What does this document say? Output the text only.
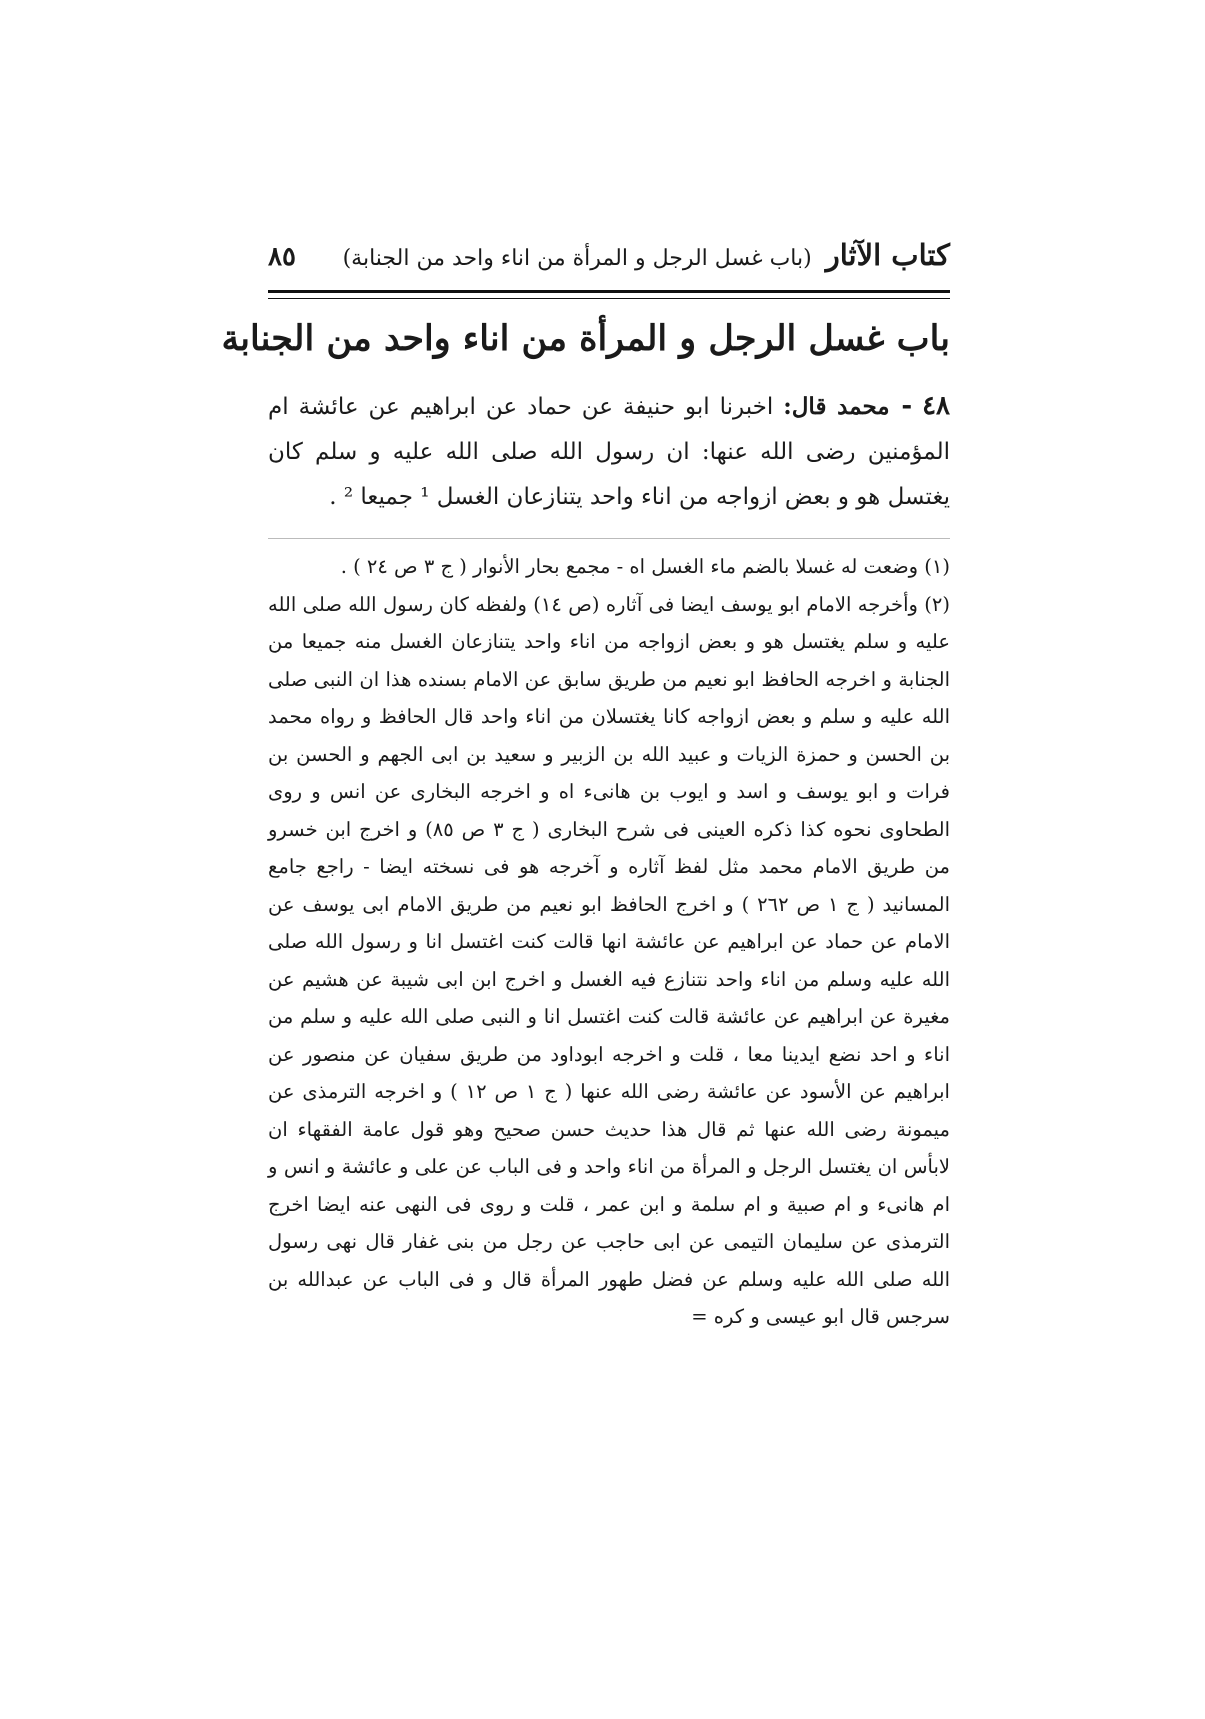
كتاب الآثار
(باب غسل الرجل و المرأة من اناء واحد من الجنابة)
٨٥
باب غسل الرجل و المرأة من اناء واحد من الجنابة
٤٨ - محمد قال: اخبرنا ابو حنيفة عن حماد عن ابراهيم عن عائشة ام المؤمنين رضى الله عنها: ان رسول الله صلى الله عليه و سلم كان يغتسل هو و بعض ازواجه من اناء واحد يتنازعان الغسل ¹ جميعا ² .

(١) وضعت له غسلا بالضم ماء الغسل اه - مجمع بحار الأنوار ( ج ٣ ص ٢٤ ) .

(٢) وأخرجه الامام ابو يوسف ايضا فى آثاره (ص ١٤) ولفظه كان رسول الله صلى الله عليه و سلم يغتسل هو و بعض ازواجه من اناء واحد يتنازعان الغسل منه جميعا من الجنابة و اخرجه الحافظ ابو نعيم من طريق سابق عن الامام بسنده هذا ان النبى صلى الله عليه و سلم و بعض ازواجه كانا يغتسلان من اناء واحد قال الحافظ و رواه محمد بن الحسن و حمزة الزيات و عبيد الله بن الزبير و سعيد بن ابى الجهم و الحسن بن فرات و ابو يوسف و اسد و ايوب بن هانىء اه و اخرجه البخارى عن انس و روى الطحاوى نحوه كذا ذكره العينى فى شرح البخارى ( ج ٣ ص ٨٥) و اخرج ابن خسرو من طريق الامام محمد مثل لفظ آثاره و آخرجه هو فى نسخته ايضا - راجع جامع المسانيد ( ج ١ ص ٢٦٢ ) و اخرج الحافظ ابو نعيم من طريق الامام ابى يوسف عن الامام عن حماد عن ابراهيم عن عائشة انها قالت كنت اغتسل انا و رسول الله صلى الله عليه وسلم من اناء واحد نتنازع فيه الغسل و اخرج ابن ابى شيبة عن هشيم عن مغيرة عن ابراهيم عن عائشة قالت كنت اغتسل انا و النبى صلى الله عليه و سلم من اناء و احد نضع ايدينا معا ، قلت و اخرجه ابوداود من طريق سفيان عن منصور عن ابراهيم عن الأسود عن عائشة رضى الله عنها ( ج ١ ص ١٢ ) و اخرجه الترمذى عن ميمونة رضى الله عنها ثم قال هذا حديث حسن صحيح وهو قول عامة الفقهاء ان لابأس ان يغتسل الرجل و المرأة من اناء واحد و فى الباب عن على و عائشة و انس و ام هانىء و ام صبية و ام سلمة و ابن عمر ، قلت و روى فى النهى عنه ايضا اخرج الترمذى عن سليمان التيمى عن ابى حاجب عن رجل من بنى غفار قال نهى رسول الله صلى الله عليه وسلم عن فضل طهور المرأة قال و فى الباب عن عبدالله بن سرجس قال ابو عيسى و كره =
